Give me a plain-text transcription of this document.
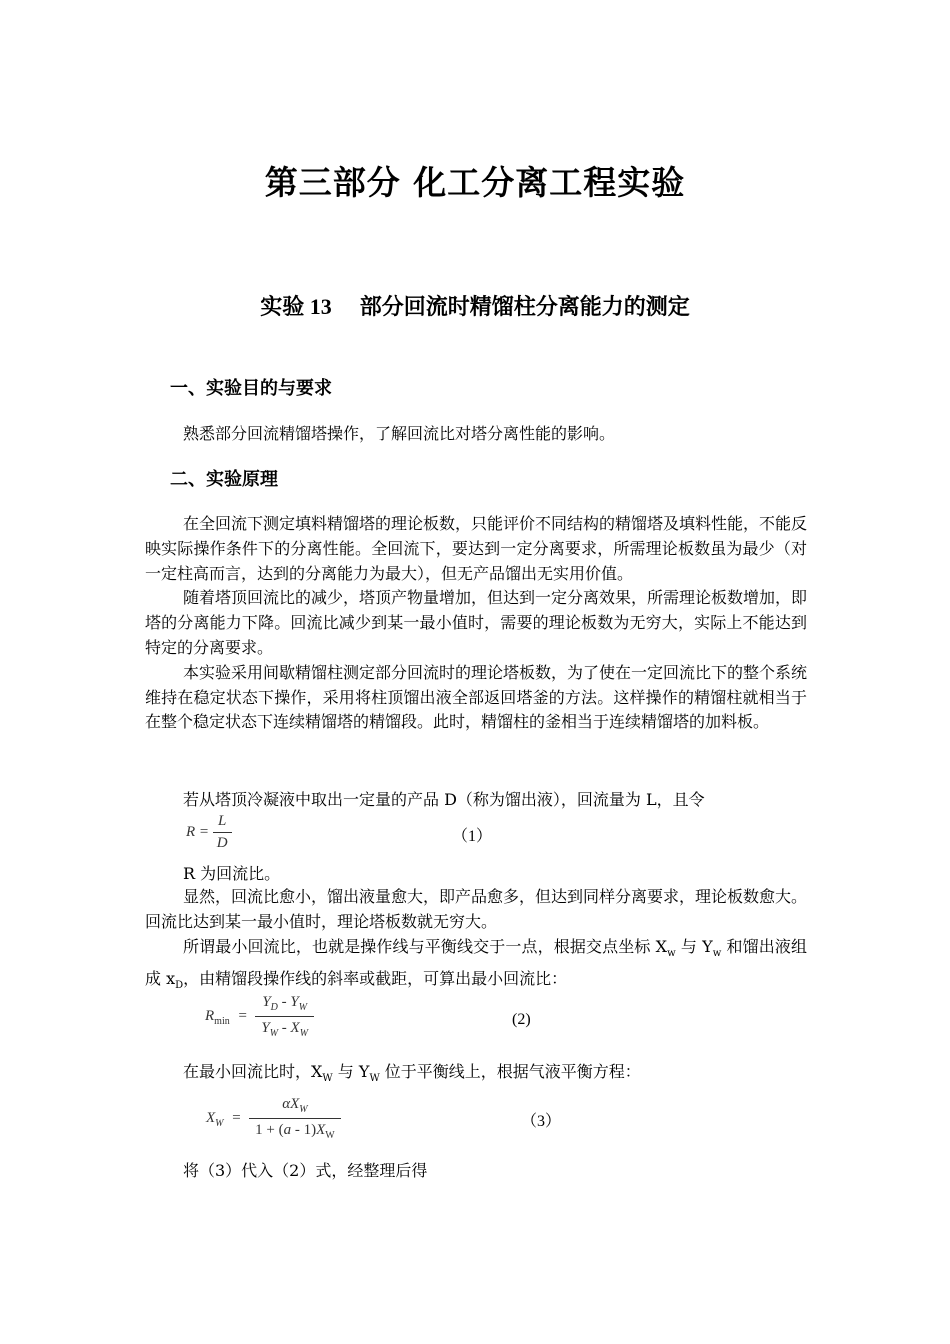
第三部分 化工分离工程实验
实验 13 部分回流时精馏柱分离能力的测定
一、实验目的与要求
熟悉部分回流精馏塔操作，了解回流比对塔分离性能的影响。
二、实验原理

在全回流下测定填料精馏塔的理论板数，只能评价不同结构的精馏塔及填料性能，不能反映实际操作条件下的分离性能。全回流下，要达到一定分离要求，所需理论板数虽为最少（对一定柱高而言，达到的分离能力为最大），但无产品馏出无实用价值。

随着塔顶回流比的减少，塔顶产物量增加，但达到一定分离效果，所需理论板数增加，即塔的分离能力下降。回流比减少到某一最小值时，需要的理论板数为无穷大，实际上不能达到特定的分离要求。

本实验采用间歇精馏柱测定部分回流时的理论塔板数，为了使在一定回流比下的整个系统维持在稳定状态下操作，采用将柱顶馏出液全部返回塔釜的方法。这样操作的精馏柱就相当于在整个稳定状态下连续精馏塔的精馏段。此时，精馏柱的釜相当于连续精馏塔的加料板。

若从塔顶冷凝液中取出一定量的产品 D（称为馏出液），回流量为 L，且令
$R = \frac{L}{D}$	（1）
R 为回流比。

显然，回流比愈小，馏出液量愈大，即产品愈多，但达到同样分离要求，理论板数愈大。回流比达到某一最小值时，理论塔板数就无穷大。

所谓最小回流比，也就是操作线与平衡线交于一点，根据交点坐标 $X_w$ 与 $Y_w$ 和馏出液组成 $x_D$，由精馏段操作线的斜率或截距，可算出最小回流比：

$R_{min} = \frac{Y_D - Y_W}{Y_W - X_W}$	(2)
在最小回流比时，$X_W$ 与 $Y_W$ 位于平衡线上，根据气液平衡方程：
$X_W = \frac{\alpha X_W}{1 + (a - 1)X_W}$	（3）
将（3）代入（2）式，经整理后得
